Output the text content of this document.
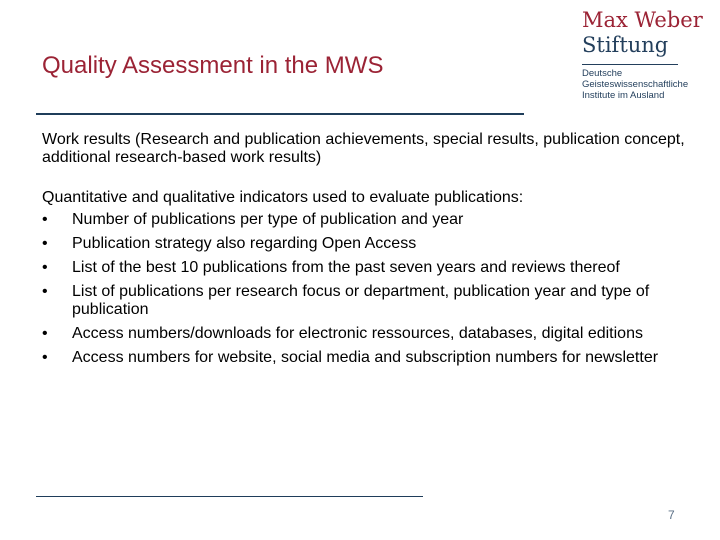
Quality Assessment in the MWS
Max Weber
Stiftung
Deutsche
Geisteswissenschaftliche
Institute im Ausland

Work results (Research and publication achievements, special results, publication concept, additional research-based work results)

Quantitative and qualitative indicators used to evaluate publications:

•	Number of publications per type of publication and year
•	Publication strategy also regarding Open Access
•	List of the best 10 publications from the past seven years and reviews thereof
•	List of publications per research focus or department, publication year and type of publication
•	Access numbers/downloads for electronic ressources, databases, digital editions
•	Access numbers for website, social media and subscription numbers for newsletter
7
